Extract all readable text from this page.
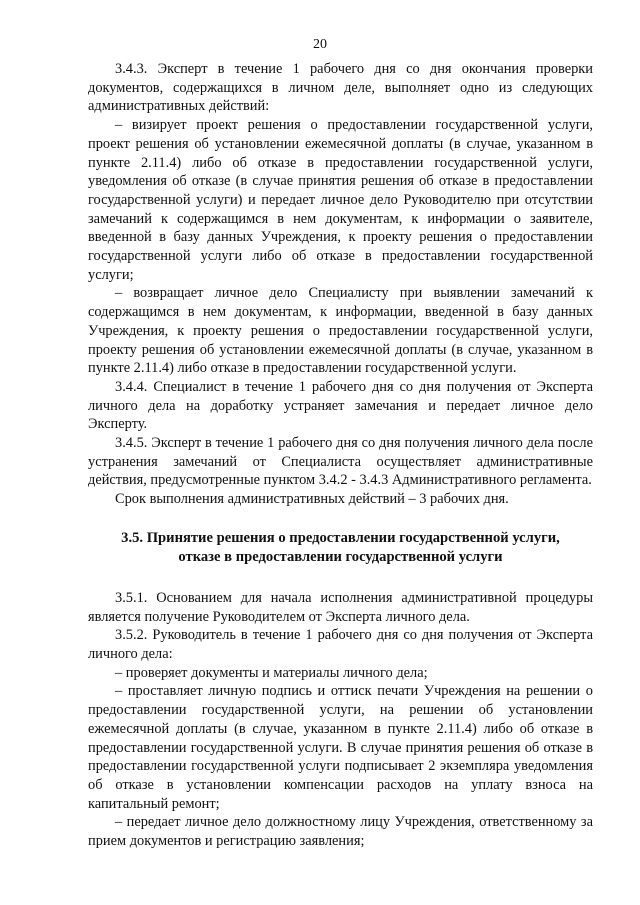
20

3.4.3. Эксперт в течение 1 рабочего дня со дня окончания проверки документов, содержащихся в личном деле, выполняет одно из следующих административных действий:

– визирует проект решения о предоставлении государственной услуги, проект решения об установлении ежемесячной доплаты (в случае, указанном в пункте 2.11.4) либо об отказе в предоставлении государственной услуги, уведомления об отказе (в случае принятия решения об отказе в предоставлении государственной услуги) и передает личное дело Руководителю при отсутствии замечаний к содержащимся в нем документам, к информации о заявителе, введенной в базу данных Учреждения, к проекту решения о предоставлении государственной услуги либо об отказе в предоставлении государственной услуги;

– возвращает личное дело Специалисту при выявлении замечаний к содержащимся в нем документам, к информации, введенной в базу данных Учреждения, к проекту решения о предоставлении государственной услуги, проекту решения об установлении ежемесячной доплаты (в случае, указанном в пункте 2.11.4) либо отказе в предоставлении государственной услуги.

3.4.4. Специалист в течение 1 рабочего дня со дня получения от Эксперта личного дела на доработку устраняет замечания и передает личное дело Эксперту.

3.4.5. Эксперт в течение 1 рабочего дня со дня получения личного дела после устранения замечаний от Специалиста осуществляет административные действия, предусмотренные пунктом 3.4.2 - 3.4.3 Административного регламента.

Срок выполнения административных действий – 3 рабочих дня.

3.5. Принятие решения о предоставлении государственной услуги,
отказе в предоставлении государственной услуги

3.5.1. Основанием для начала исполнения административной процедуры является получение Руководителем от Эксперта личного дела.

3.5.2. Руководитель в течение 1 рабочего дня со дня получения от Эксперта личного дела:

– проверяет документы и материалы личного дела;

– проставляет личную подпись и оттиск печати Учреждения на решении о предоставлении государственной услуги, на решении об установлении ежемесячной доплаты (в случае, указанном в пункте 2.11.4) либо об отказе в предоставлении государственной услуги. В случае принятия решения об отказе в предоставлении государственной услуги подписывает 2 экземпляра уведомления об отказе в установлении компенсации расходов на уплату взноса на капитальный ремонт;

– передает личное дело должностному лицу Учреждения, ответственному за прием документов и регистрацию заявления;
